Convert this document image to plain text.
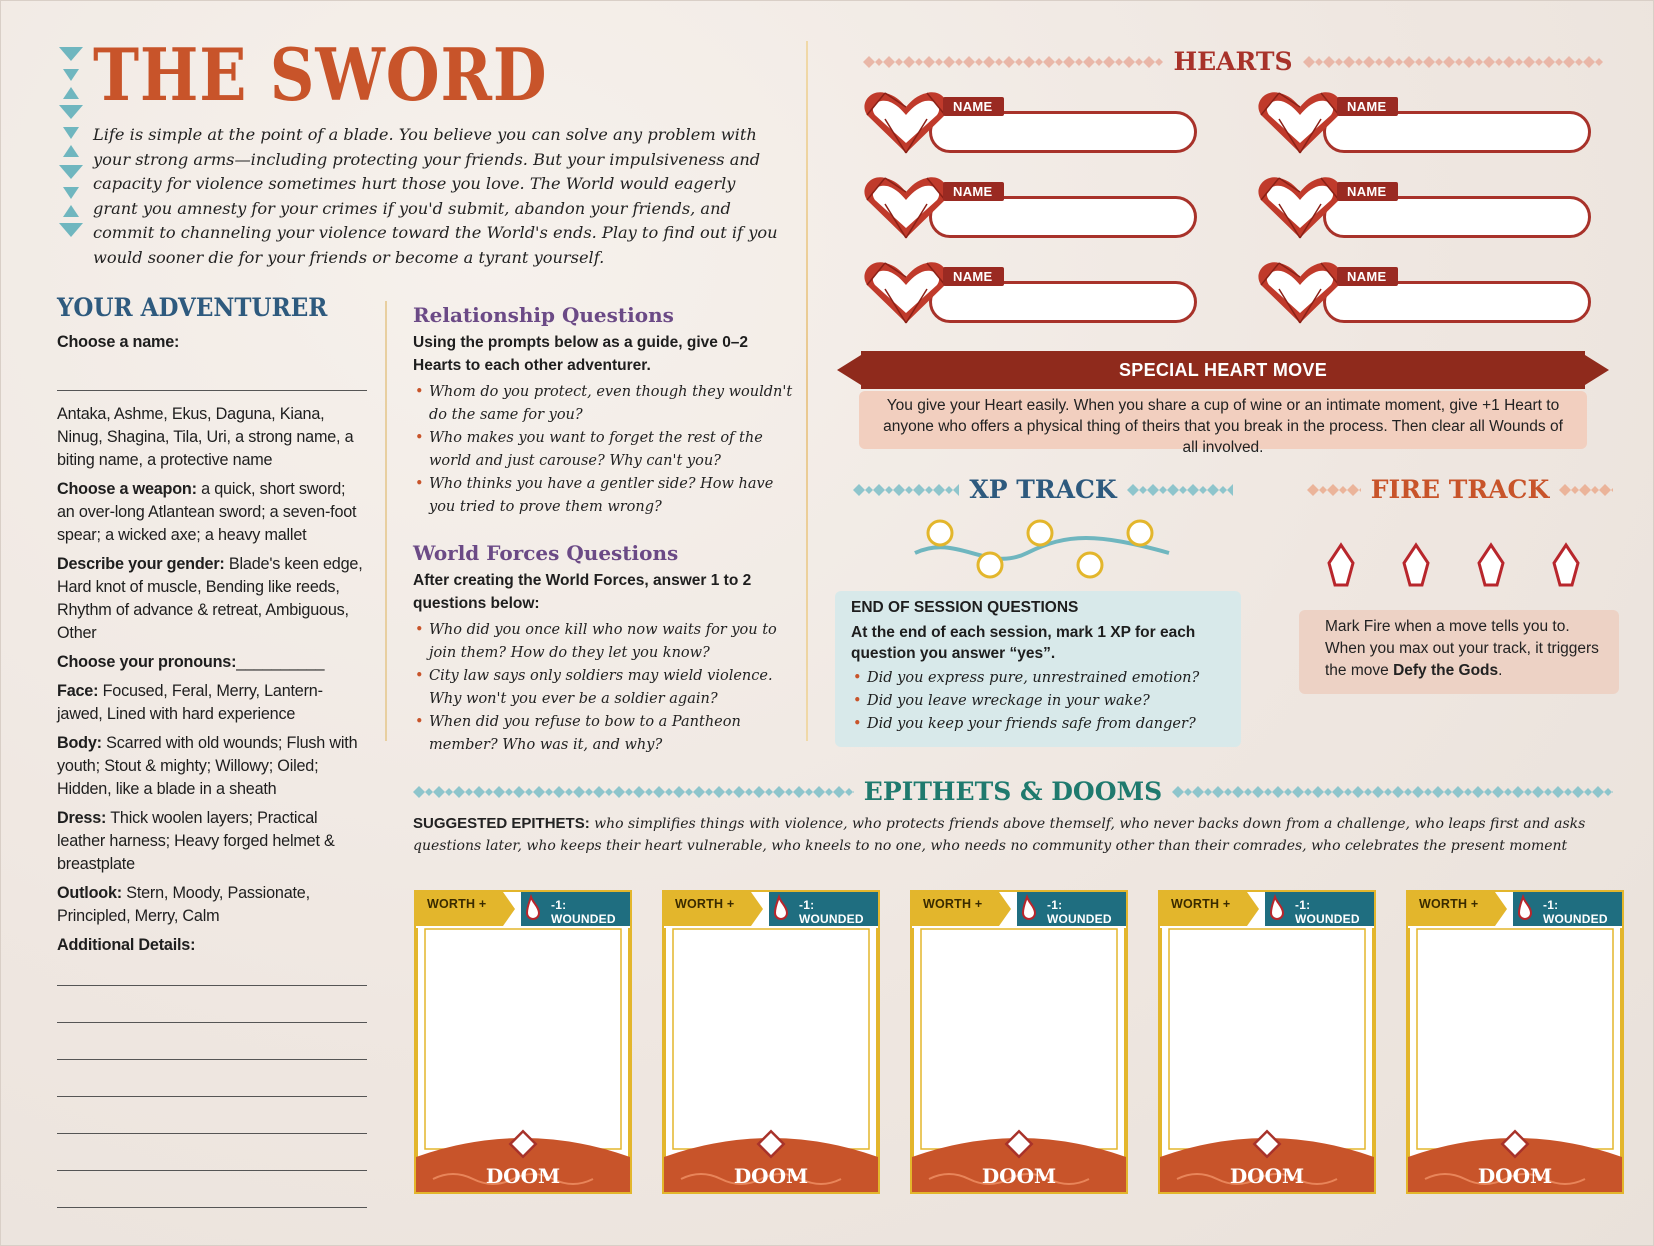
THE SWORD
Life is simple at the point of a blade. You believe you can solve any problem with your strong arms—including protecting your friends. But your impulsiveness and capacity for violence sometimes hurt those you love. The World would eagerly grant you amnesty for your crimes if you'd submit, abandon your friends, and commit to channeling your violence toward the World's ends. Play to find out if you would sooner die for your friends or become a tyrant yourself.
YOUR ADVENTURER

Choose a name:

Antaka, Ashme, Ekus, Daguna, Kiana, Ninug, Shagina, Tila, Uri, a strong name, a biting name, a protective name

Choose a weapon: a quick, short sword; an over-long Atlantean sword; a seven-foot spear; a wicked axe; a heavy mallet

Describe your gender: Blade's keen edge, Hard knot of muscle, Bending like reeds, Rhythm of advance & retreat, Ambiguous, Other

Choose your pronouns:__________

Face: Focused, Feral, Merry, Lantern-jawed, Lined with hard experience

Body: Scarred with old wounds; Flush with youth; Stout & mighty; Willowy; Oiled; Hidden, like a blade in a sheath

Dress: Thick woolen layers; Practical leather harness; Heavy forged helmet & breastplate

Outlook: Stern, Moody, Passionate, Principled, Merry, Calm

Additional Details:

Relationship Questions
Using the prompts below as a guide, give 0–2 Hearts to each other adventurer.
• Whom do you protect, even though they wouldn't do the same for you?
• Who makes you want to forget the rest of the world and just carouse? Why can't you?
• Who thinks you have a gentler side? How have you tried to prove them wrong?
World Forces Questions
After creating the World Forces, answer 1 to 2 questions below:
• Who did you once kill who now waits for you to join them? How do they let you know?
• City law says only soldiers may wield violence. Why won't you ever be a soldier again?
• When did you refuse to bow to a Pantheon member? Who was it, and why?
HEARTS
NAME	NAME
NAME	NAME
NAME	NAME
SPECIAL HEART MOVE
You give your Heart easily. When you share a cup of wine or an intimate moment, give +1 Heart to anyone who offers a physical thing of theirs that you break in the process. Then clear all Wounds of all involved.
XP TRACK
END OF SESSION QUESTIONS
At the end of each session, mark 1 XP for each question you answer “yes”.
• Did you express pure, unrestrained emotion?
• Did you leave wreckage in your wake?
• Did you keep your friends safe from danger?
FIRE TRACK
Mark Fire when a move tells you to. When you max out your track, it triggers the move Defy the Gods.
EPITHETS & DOOMS
SUGGESTED EPITHETS: who simplifies things with violence, who protects friends above themself, who never backs down from a challenge, who leaps first and asks questions later, who keeps their heart vulnerable, who kneels to no one, who needs no community other than their comrades, who celebrates the present moment
WORTH +	-1: WOUNDED
DOOM
WORTH +	-1: WOUNDED
DOOM
WORTH +	-1: WOUNDED
DOOM
WORTH +	-1: WOUNDED
DOOM
WORTH +	-1: WOUNDED
DOOM
